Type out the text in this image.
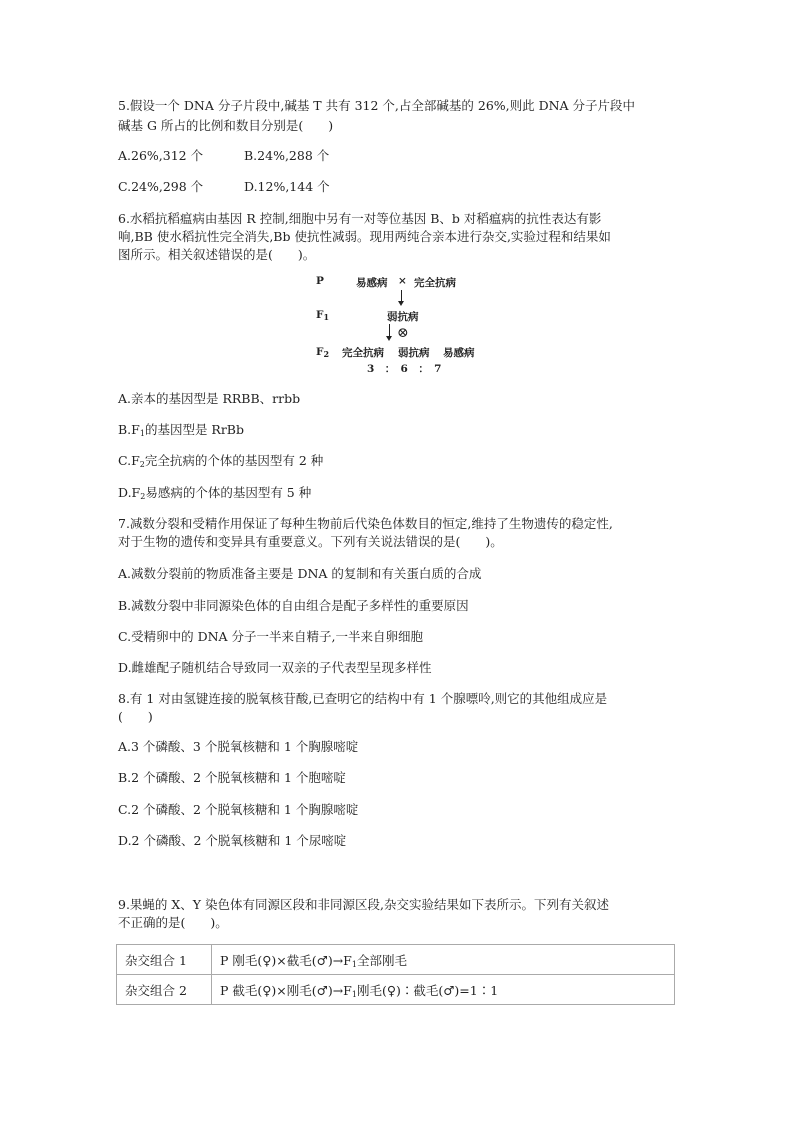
5.假设一个 DNA 分子片段中,碱基 T 共有 312 个,占全部碱基的 26%,则此 DNA 分子片段中
碱基 G 所占的比例和数目分别是(　　)
A.26%,312 个	B.24%,288 个
C.24%,298 个	D.12%,144 个
6.水稻抗稻瘟病由基因 R 控制,细胞中另有一对等位基因 B、b 对稻瘟病的抗性表达有影
响,BB 使水稻抗性完全消失,Bb 使抗性减弱。现用两纯合亲本进行杂交,实验过程和结果如
图所示。相关叙述错误的是(　　)。
P	易感病 × 完全抗病
$F_1$	弱抗病
⊗
$F_2$ 完全抗病 弱抗病 易感病
3　：　6　：　7
A.亲本的基因型是 RRBB、rrbb
$B.F_1$的基因型是 RrBb
$C.F_2$完全抗病的个体的基因型有 2 种
$D.F_2$易感病的个体的基因型有 5 种
7.减数分裂和受精作用保证了每种生物前后代染色体数目的恒定,维持了生物遗传的稳定性,
对于生物的遗传和变异具有重要意义。下列有关说法错误的是(　　)。
A.减数分裂前的物质准备主要是 DNA 的复制和有关蛋白质的合成
B.减数分裂中非同源染色体的自由组合是配子多样性的重要原因
C.受精卵中的 DNA 分子一半来自精子,一半来自卵细胞
D.雌雄配子随机结合导致同一双亲的子代表型呈现多样性
8.有 1 对由氢键连接的脱氧核苷酸,已查明它的结构中有 1 个腺嘌呤,则它的其他组成应是
(　　)
A.3 个磷酸、3 个脱氧核糖和 1 个胸腺嘧啶
B.2 个磷酸、2 个脱氧核糖和 1 个胞嘧啶
C.2 个磷酸、2 个脱氧核糖和 1 个胸腺嘧啶
D.2 个磷酸、2 个脱氧核糖和 1 个尿嘧啶
9.果蝇的 X、Y 染色体有同源区段和非同源区段,杂交实验结果如下表所示。下列有关叙述
不正确的是(　　)。
杂交组合 1	P 刚毛(♀)×截毛$(♂)\to F_1$全部刚毛
杂交组合 2	P 截毛(♀)×刚毛$(♂)\to F_1$刚毛(♀)∶截毛(♂)=1∶1
